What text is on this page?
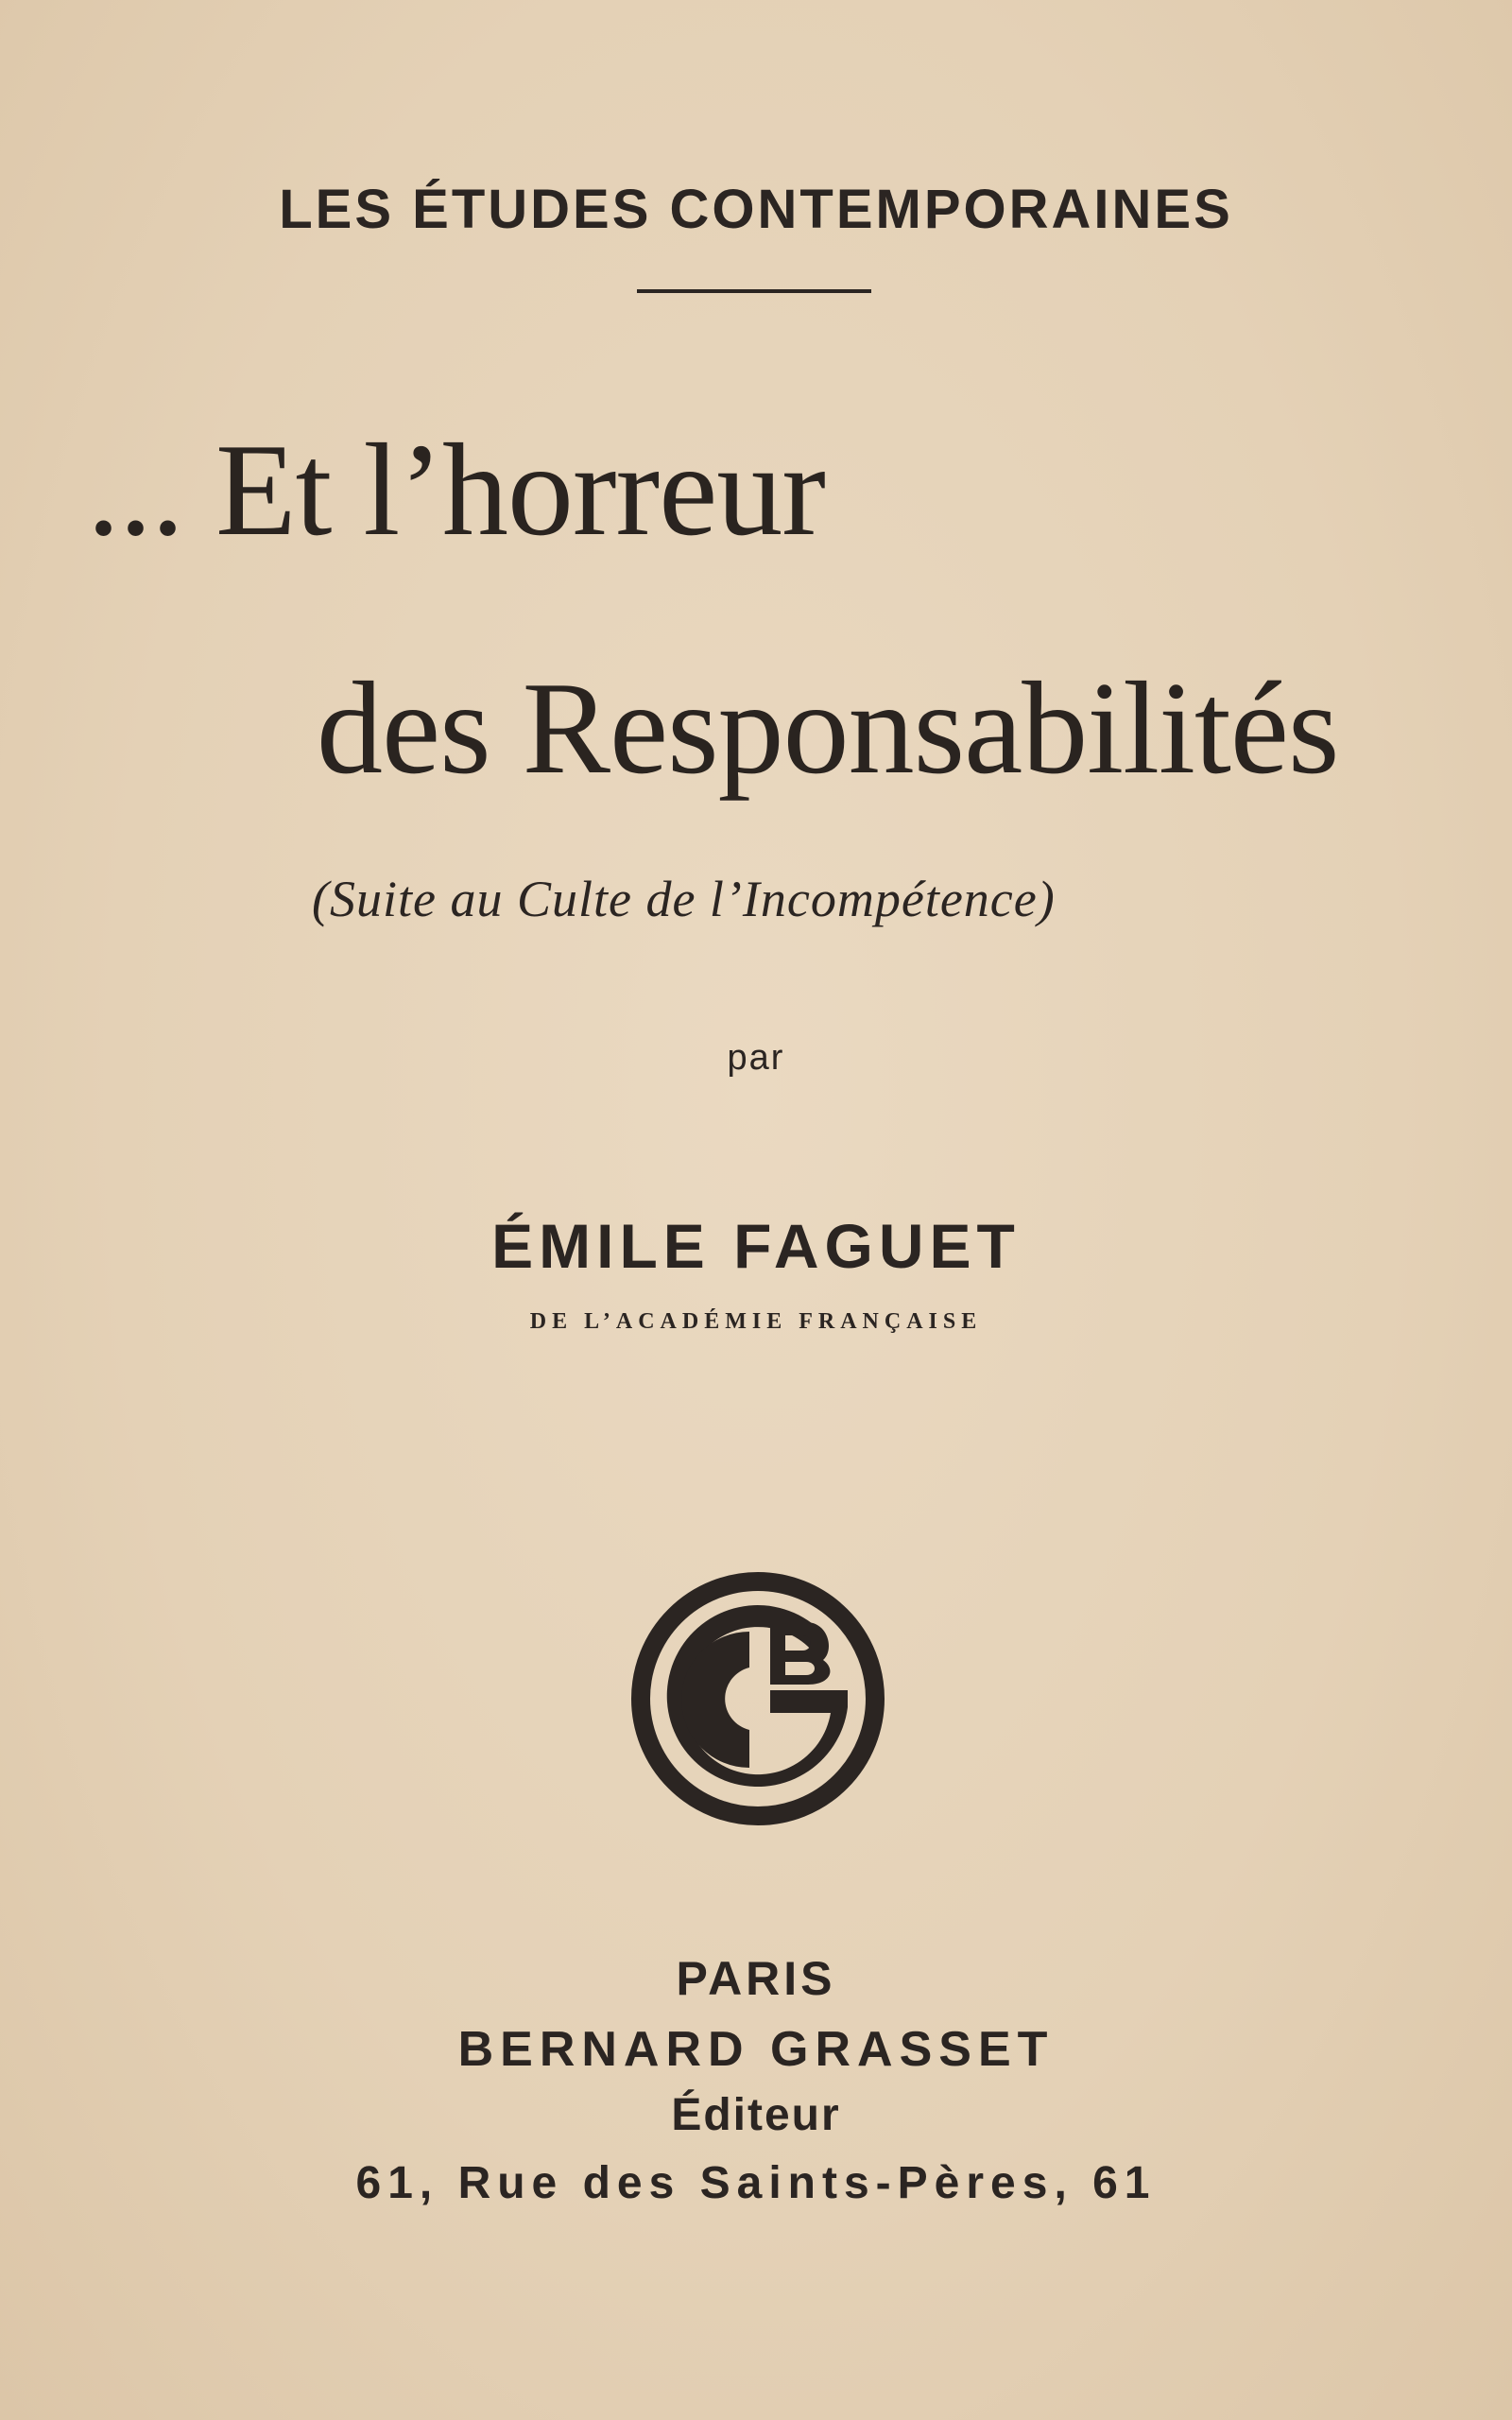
LES ÉTUDES CONTEMPORAINES
... Et l’horreur
des Responsabilités
(Suite au Culte de l’Incompétence)
par
ÉMILE FAGUET
DE L’ACADÉMIE FRANÇAISE
PARIS
BERNARD GRASSET
Éditeur
61, Rue des Saints-Pères, 61
